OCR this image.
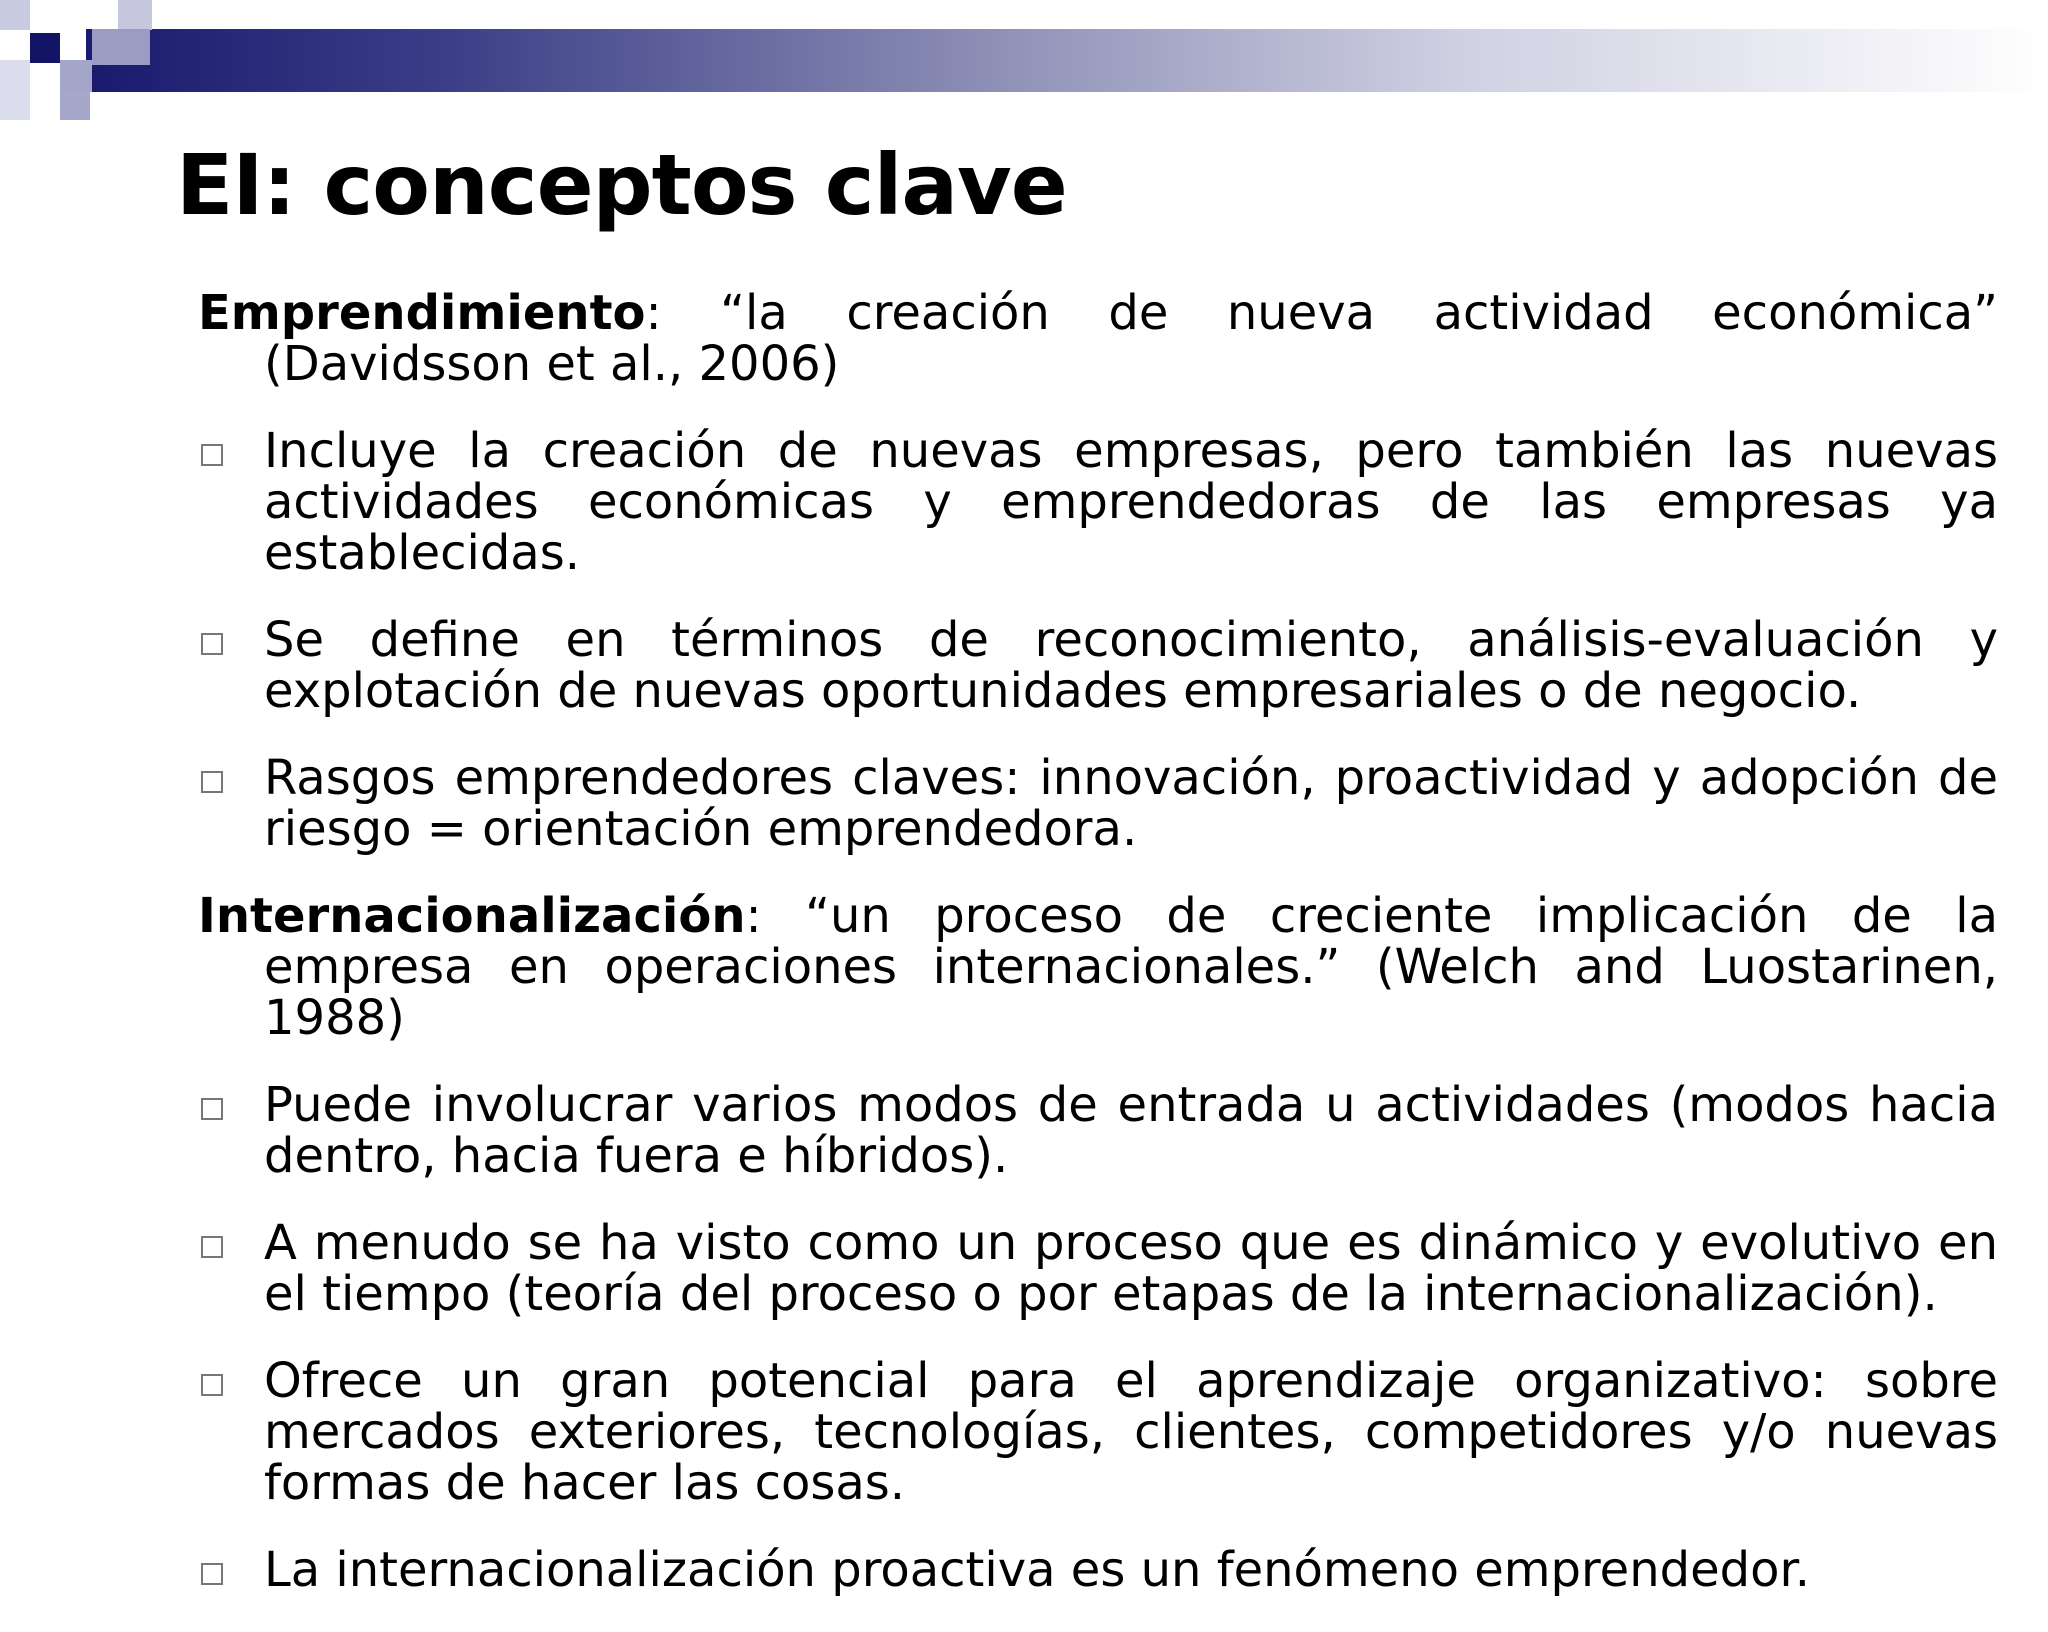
EI: conceptos clave

Emprendimiento: “la creación de nueva actividad económica” (Davidsson et al., 2006)

Incluye la creación de nuevas empresas, pero también las nuevas actividades económicas y emprendedoras de las empresas ya establecidas.
Se define en términos de reconocimiento, análisis-evaluación y explotación de nuevas oportunidades empresariales o de negocio.
Rasgos emprendedores claves: innovación, proactividad y adopción de riesgo = orientación emprendedora.

Internacionalización: “un proceso de creciente implicación de la empresa en operaciones internacionales.” (Welch and Luostarinen, 1988)

Puede involucrar varios modos de entrada u actividades (modos hacia dentro, hacia fuera e híbridos).
A menudo se ha visto como un proceso que es dinámico y evolutivo en el tiempo (teoría del proceso o por etapas de la internacionalización).
Ofrece un gran potencial para el aprendizaje organizativo: sobre mercados exteriores, tecnologías, clientes, competidores y/o nuevas formas de hacer las cosas.
La internacionalización proactiva es un fenómeno emprendedor.
